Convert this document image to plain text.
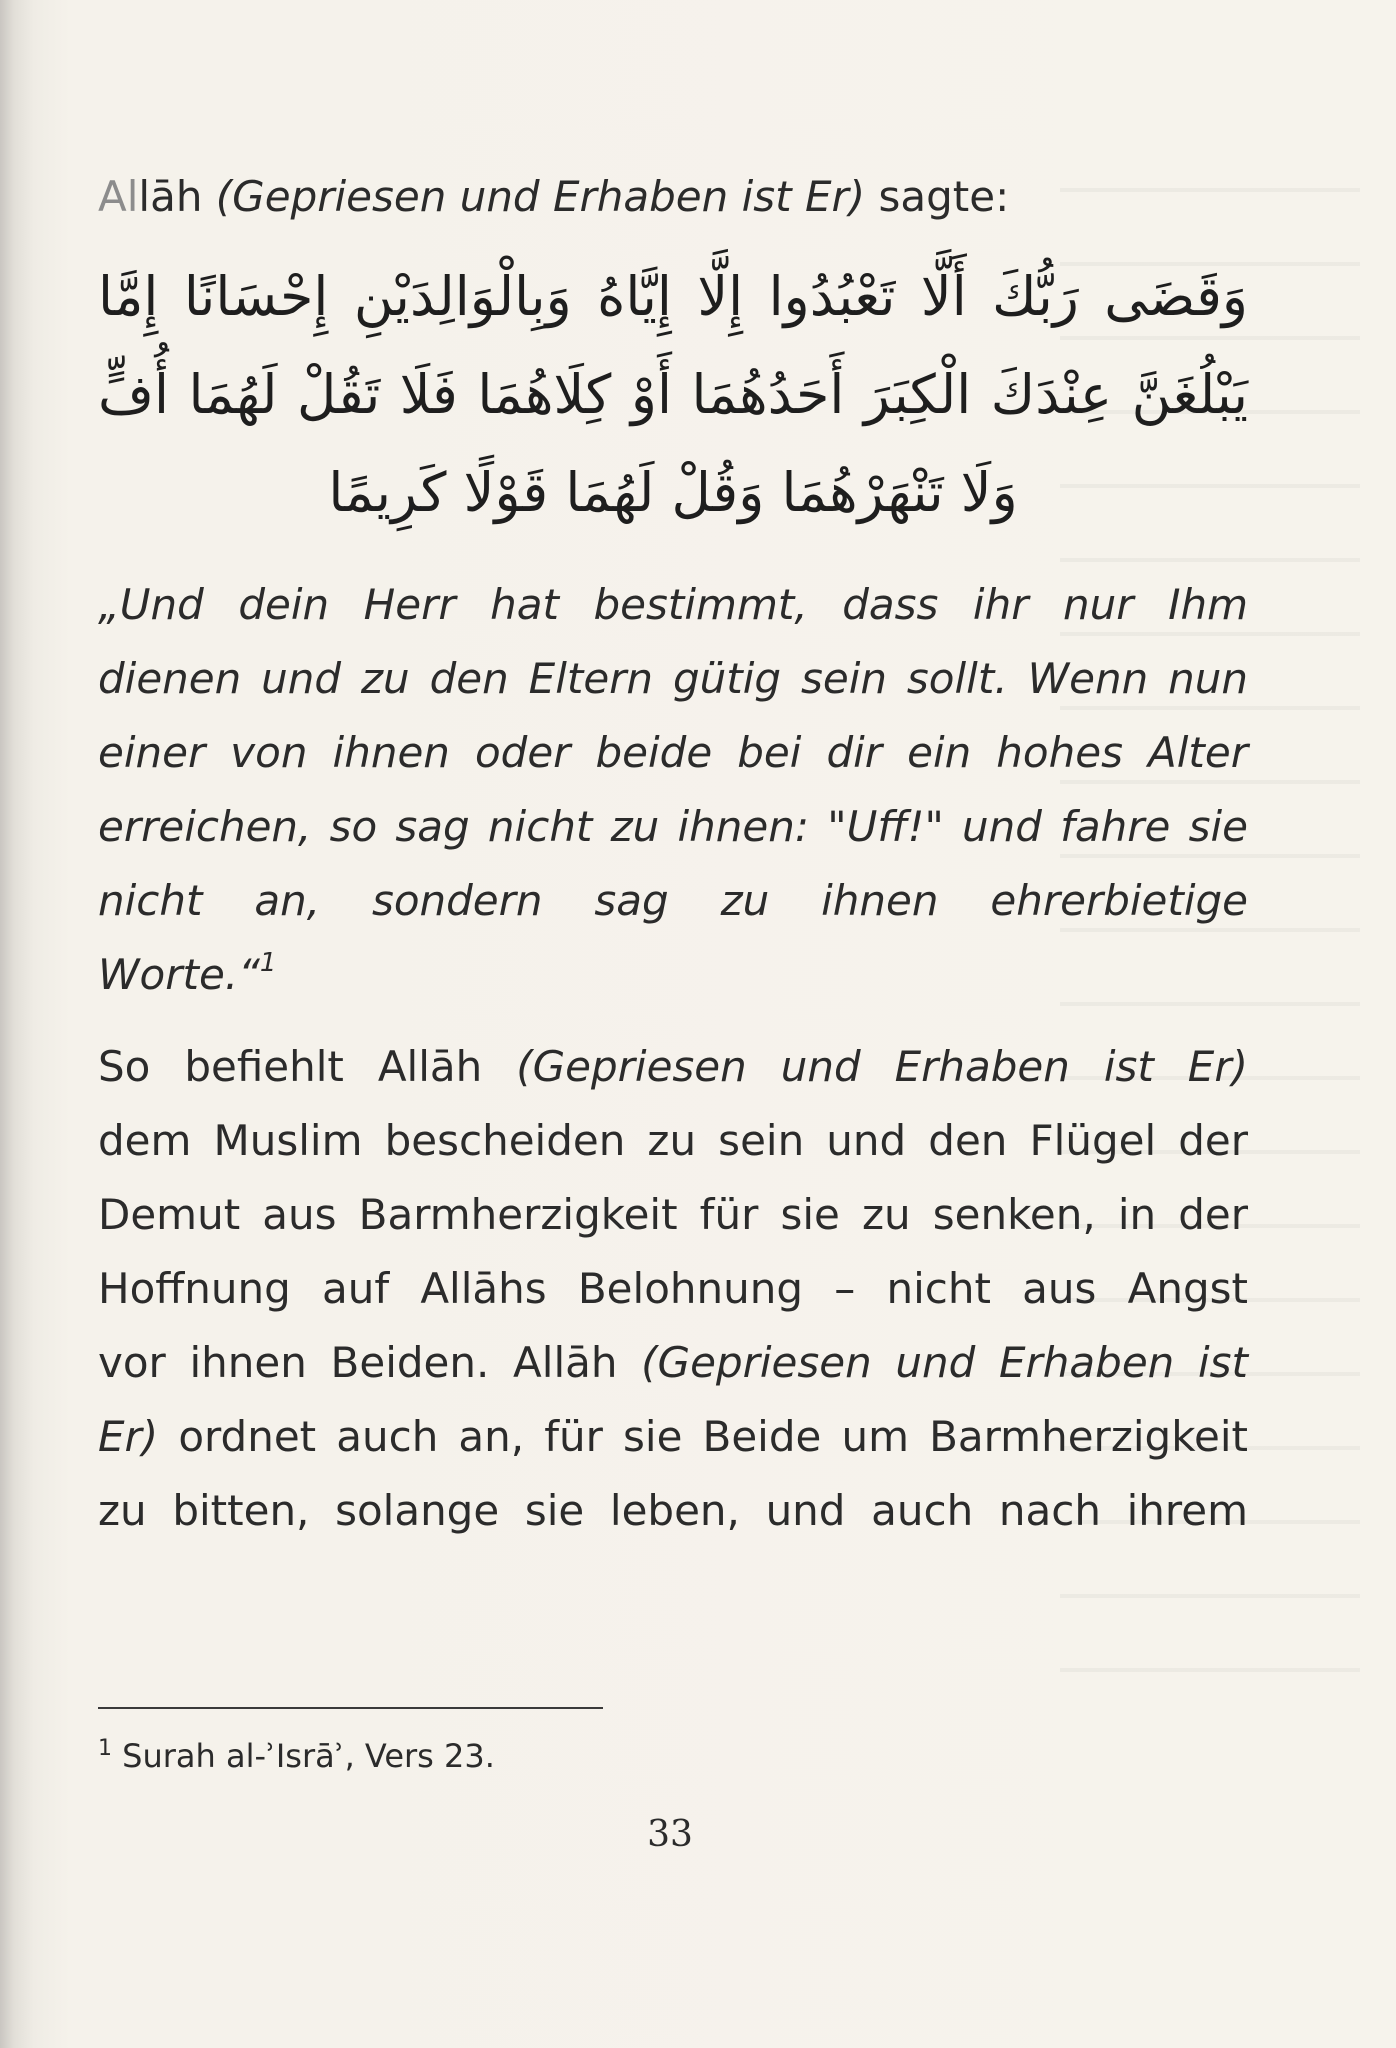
Allāh (Gepriesen und Erhaben ist Er) sagte:
وَقَضَى رَبُّكَ أَلَّا تَعْبُدُوا إِلَّا إِيَّاهُ وَبِالْوَالِدَيْنِ إِحْسَانًا إِمَّا
يَبْلُغَنَّ عِنْدَكَ الْكِبَرَ أَحَدُهُمَا أَوْ كِلَاهُمَا فَلَا تَقُلْ لَهُمَا أُفٍّ
وَلَا تَنْهَرْهُمَا وَقُلْ لَهُمَا قَوْلًا كَرِيمًا
„Und dein Herr hat bestimmt, dass ihr nur Ihm
dienen und zu den Eltern gütig sein sollt. Wenn nun
einer von ihnen oder beide bei dir ein hohes Alter
erreichen, so sag nicht zu ihnen: "Uff!" und fahre sie
nicht an, sondern sag zu ihnen ehrerbietige
Worte.“$^1$
So befiehlt Allāh (Gepriesen und Erhaben ist Er)
dem Muslim bescheiden zu sein und den Flügel der
Demut aus Barmherzigkeit für sie zu senken, in der
Hoffnung auf Allāhs Belohnung – nicht aus Angst
vor ihnen Beiden. Allāh (Gepriesen und Erhaben ist
Er) ordnet auch an, für sie Beide um Barmherzigkeit
zu bitten, solange sie leben, und auch nach ihrem
$^1$ Surah al-ʾIsrāʾ, Vers 23.
33
